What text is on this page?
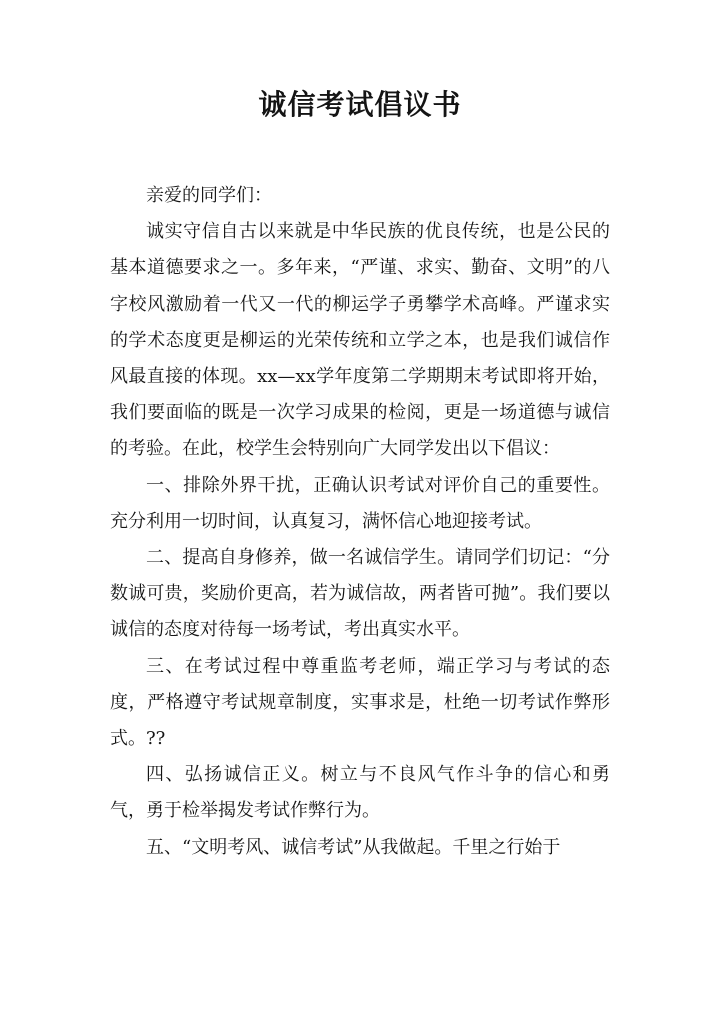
诚信考试倡议书

亲爱的同学们：

诚实守信自古以来就是中华民族的优良传统，也是公民的基本道德要求之一。多年来，“严谨、求实、勤奋、文明”的八字校风激励着一代又一代的柳运学子勇攀学术高峰。严谨求实的学术态度更是柳运的光荣传统和立学之本，也是我们诚信作风最直接的体现。xx—xx学年度第二学期期末考试即将开始，我们要面临的既是一次学习成果的检阅，更是一场道德与诚信的考验。在此，校学生会特别向广大同学发出以下倡议：

一、排除外界干扰，正确认识考试对评价自己的重要性。充分利用一切时间，认真复习，满怀信心地迎接考试。

二、提高自身修养，做一名诚信学生。请同学们切记：“分数诚可贵，奖励价更高，若为诚信故，两者皆可抛”。我们要以诚信的态度对待每一场考试，考出真实水平。

三、在考试过程中尊重监考老师，端正学习与考试的态度，严格遵守考试规章制度，实事求是，杜绝一切考试作弊形式。??

四、弘扬诚信正义。树立与不良风气作斗争的信心和勇气，勇于检举揭发考试作弊行为。

五、“文明考风、诚信考试”从我做起。千里之行始于
